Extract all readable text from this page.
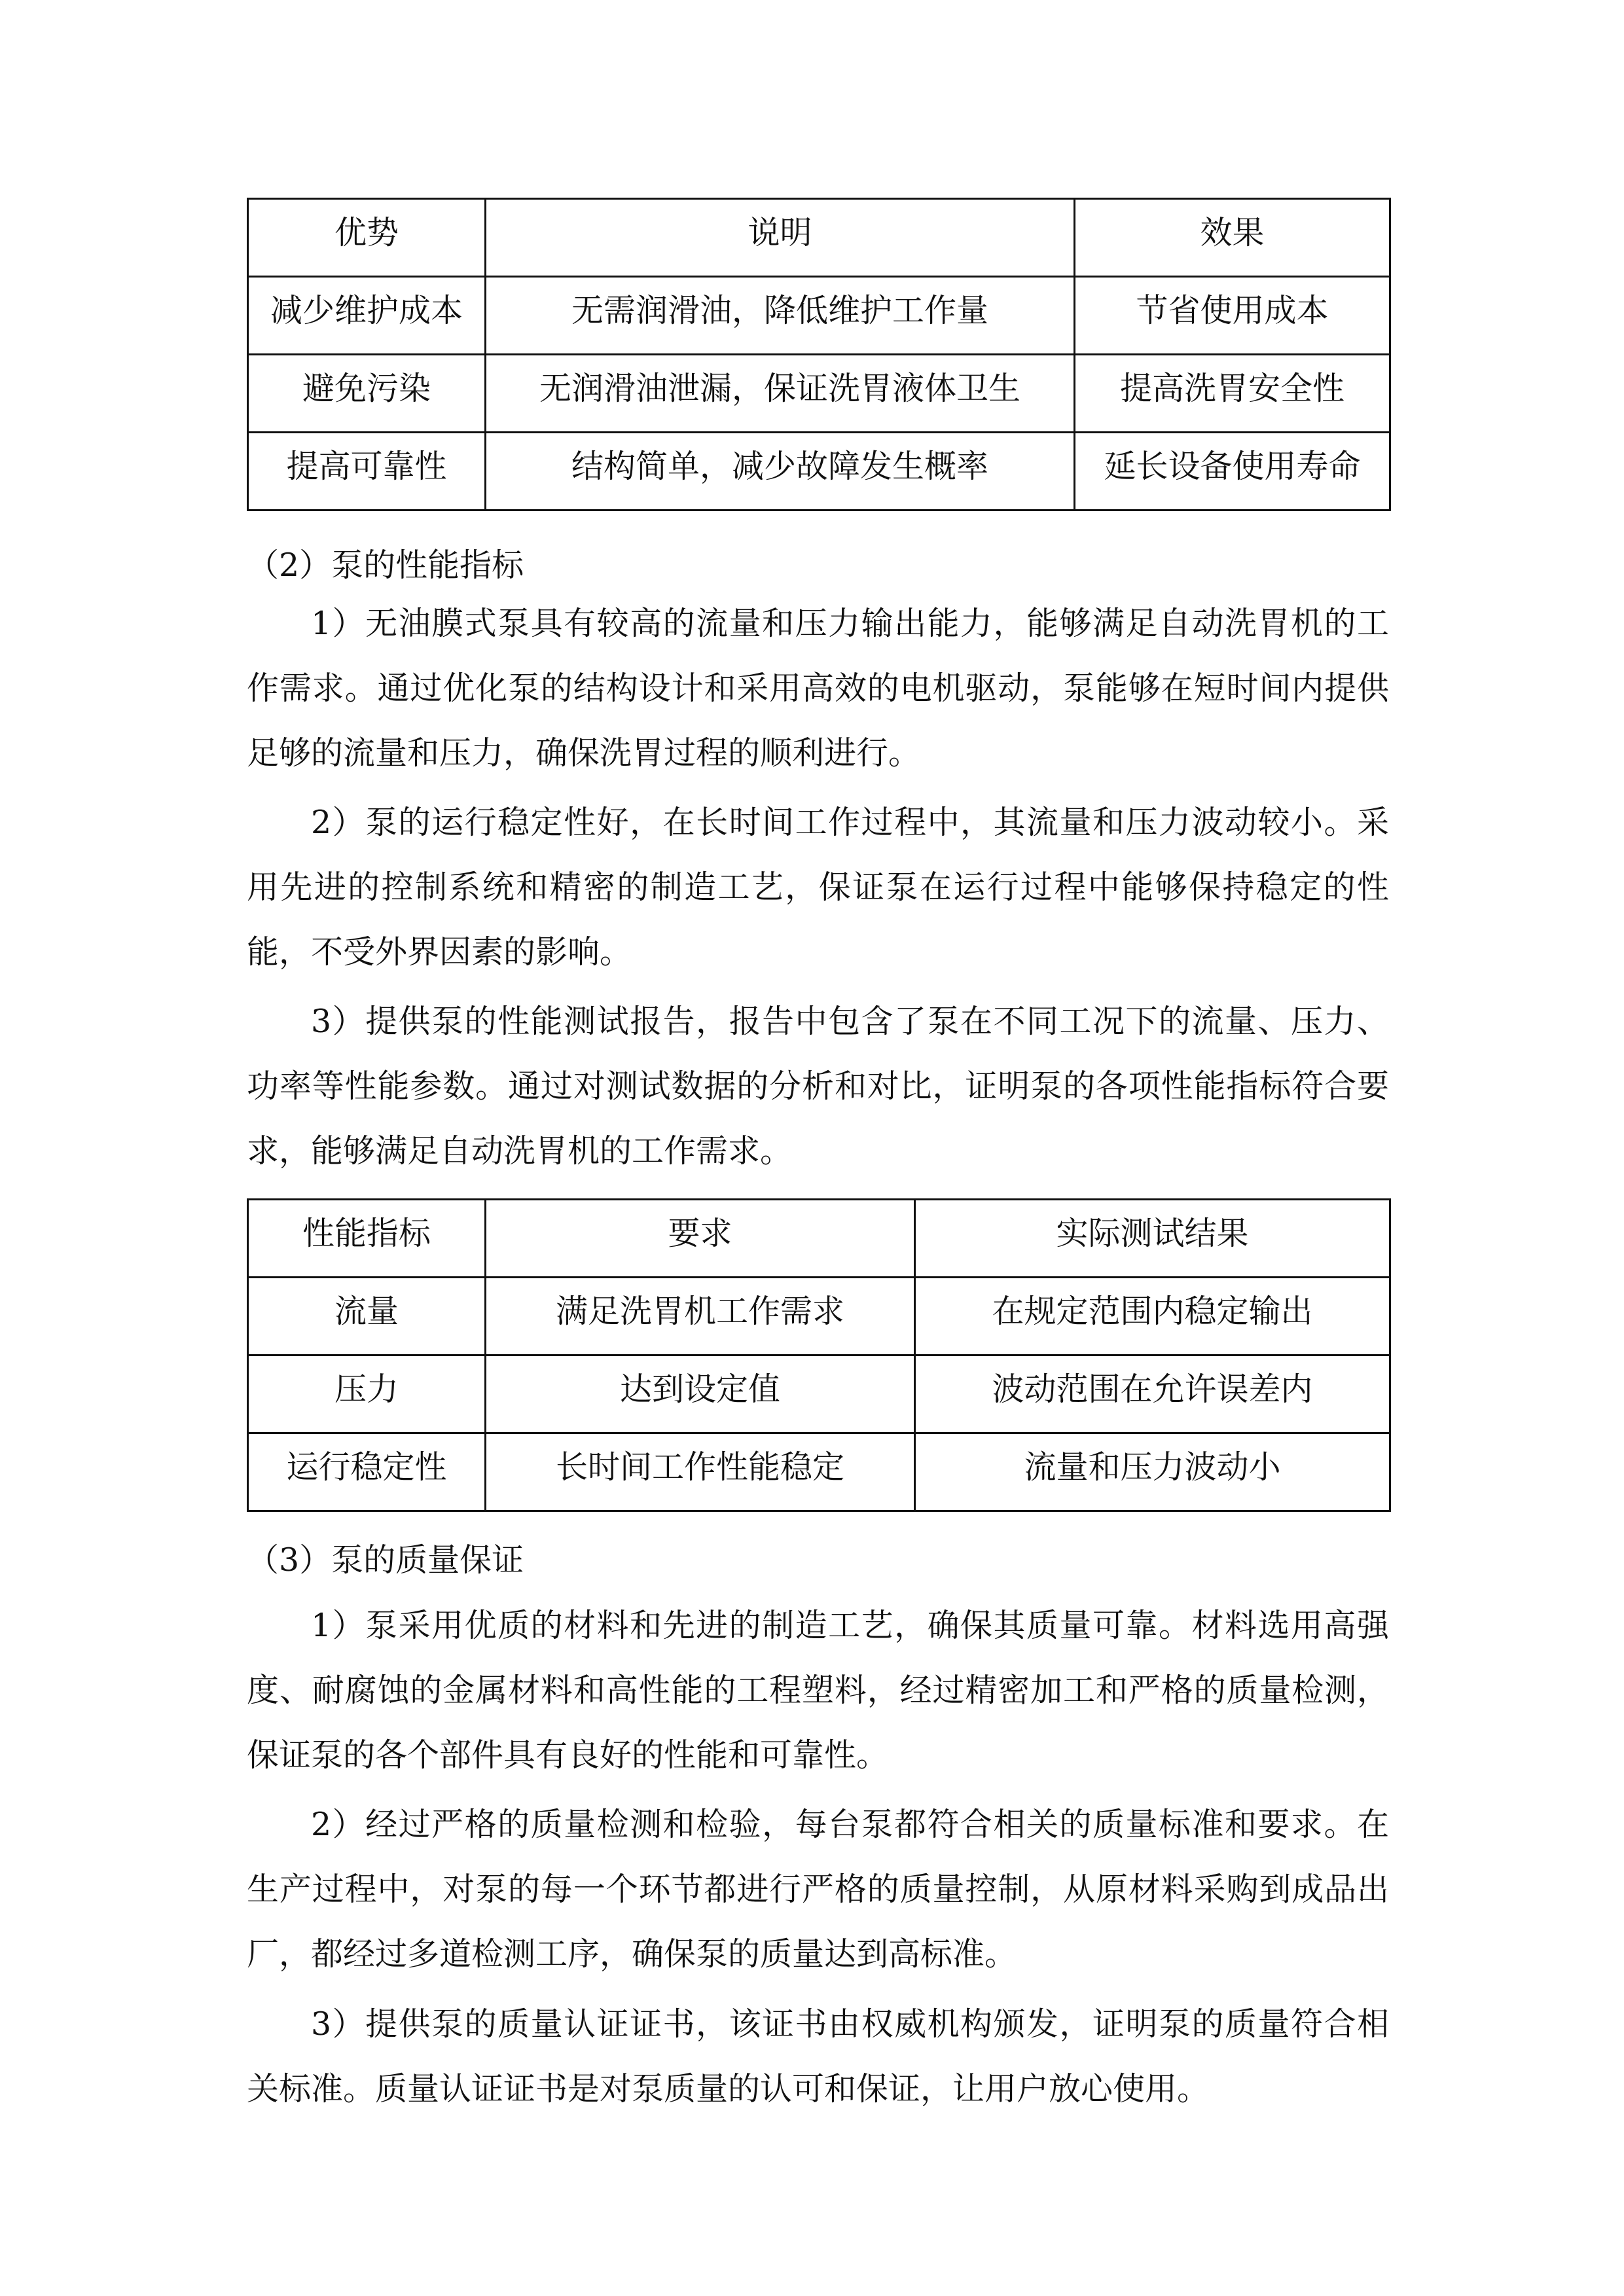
优势	说明	效果
减少维护成本	无需润滑油，降低维护工作量	节省使用成本
避免污染	无润滑油泄漏，保证洗胃液体卫生	提高洗胃安全性
提高可靠性	结构简单，减少故障发生概率	延长设备使用寿命
（2）泵的性能指标

1）无油膜式泵具有较高的流量和压力输出能力，能够满足自动洗胃机的工作需求。通过优化泵的结构设计和采用高效的电机驱动，泵能够在短时间内提供足够的流量和压力，确保洗胃过程的顺利进行。

2）泵的运行稳定性好，在长时间工作过程中，其流量和压力波动较小。采用先进的控制系统和精密的制造工艺，保证泵在运行过程中能够保持稳定的性能，不受外界因素的影响。

3）提供泵的性能测试报告，报告中包含了泵在不同工况下的流量、压力、功率等性能参数。通过对测试数据的分析和对比，证明泵的各项性能指标符合要求，能够满足自动洗胃机的工作需求。

性能指标	要求	实际测试结果
流量	满足洗胃机工作需求	在规定范围内稳定输出
压力	达到设定值	波动范围在允许误差内
运行稳定性	长时间工作性能稳定	流量和压力波动小
（3）泵的质量保证

1）泵采用优质的材料和先进的制造工艺，确保其质量可靠。材料选用高强度、耐腐蚀的金属材料和高性能的工程塑料，经过精密加工和严格的质量检测，保证泵的各个部件具有良好的性能和可靠性。

2）经过严格的质量检测和检验，每台泵都符合相关的质量标准和要求。在生产过程中，对泵的每一个环节都进行严格的质量控制，从原材料采购到成品出厂，都经过多道检测工序，确保泵的质量达到高标准。

3）提供泵的质量认证证书，该证书由权威机构颁发，证明泵的质量符合相关标准。质量认证证书是对泵质量的认可和保证，让用户放心使用。
